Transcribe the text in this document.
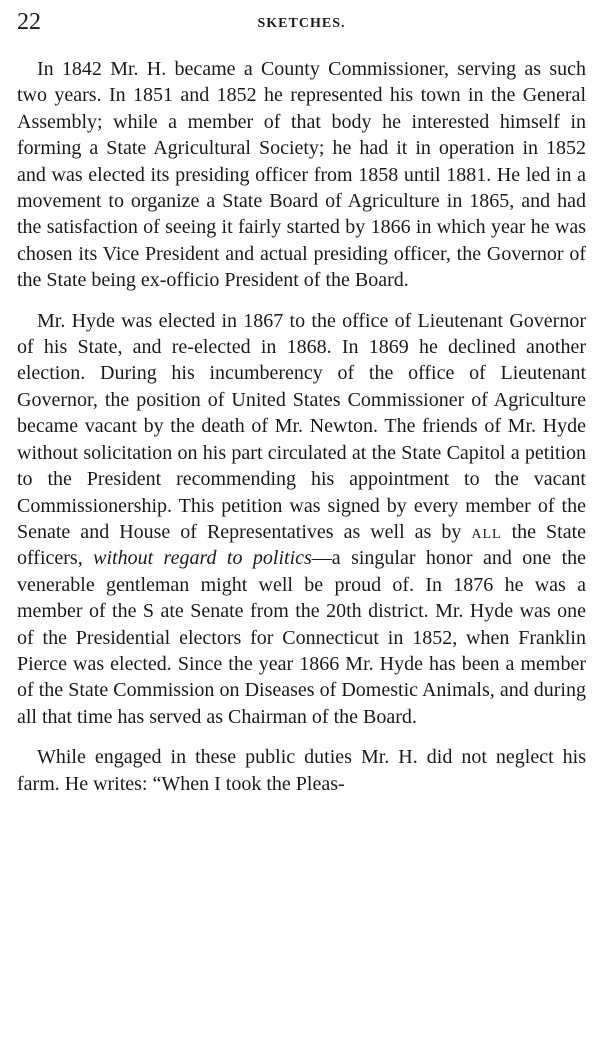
22	SKETCHES.

In 1842 Mr. H. became a County Commissioner, serving as such two years. In 1851 and 1852 he represented his town in the General Assembly; while a member of that body he interested himself in forming a State Agricultural Society; he had it in operation in 1852 and was elected its presiding officer from 1858 until 1881. He led in a movement to organize a State Board of Agriculture in 1865, and had the satisfaction of seeing it fairly started by 1866 in which year he was chosen its Vice President and actual presiding officer, the Governor of the State being ex-officio President of the Board.

Mr. Hyde was elected in 1867 to the office of Lieutenant Governor of his State, and re-elected in 1868. In 1869 he declined another election. During his incumberency of the office of Lieutenant Governor, the position of United States Commissioner of Agriculture became vacant by the death of Mr. Newton. The friends of Mr. Hyde without solicitation on his part circulated at the State Capitol a petition to the President recommending his appointment to the vacant Commissionership. This petition was signed by every member of the Senate and House of Representatives as well as by all the State officers, without regard to politics—a singular honor and one the venerable gentleman might well be proud of. In 1876 he was a member of the S ate Senate from the 20th district. Mr. Hyde was one of the Presidential electors for Connecticut in 1852, when Franklin Pierce was elected. Since the year 1866 Mr. Hyde has been a member of the State Commission on Diseases of Domestic Animals, and during all that time has served as Chairman of the Board.

While engaged in these public duties Mr. H. did not neglect his farm. He writes: “When I took the Pleas-
